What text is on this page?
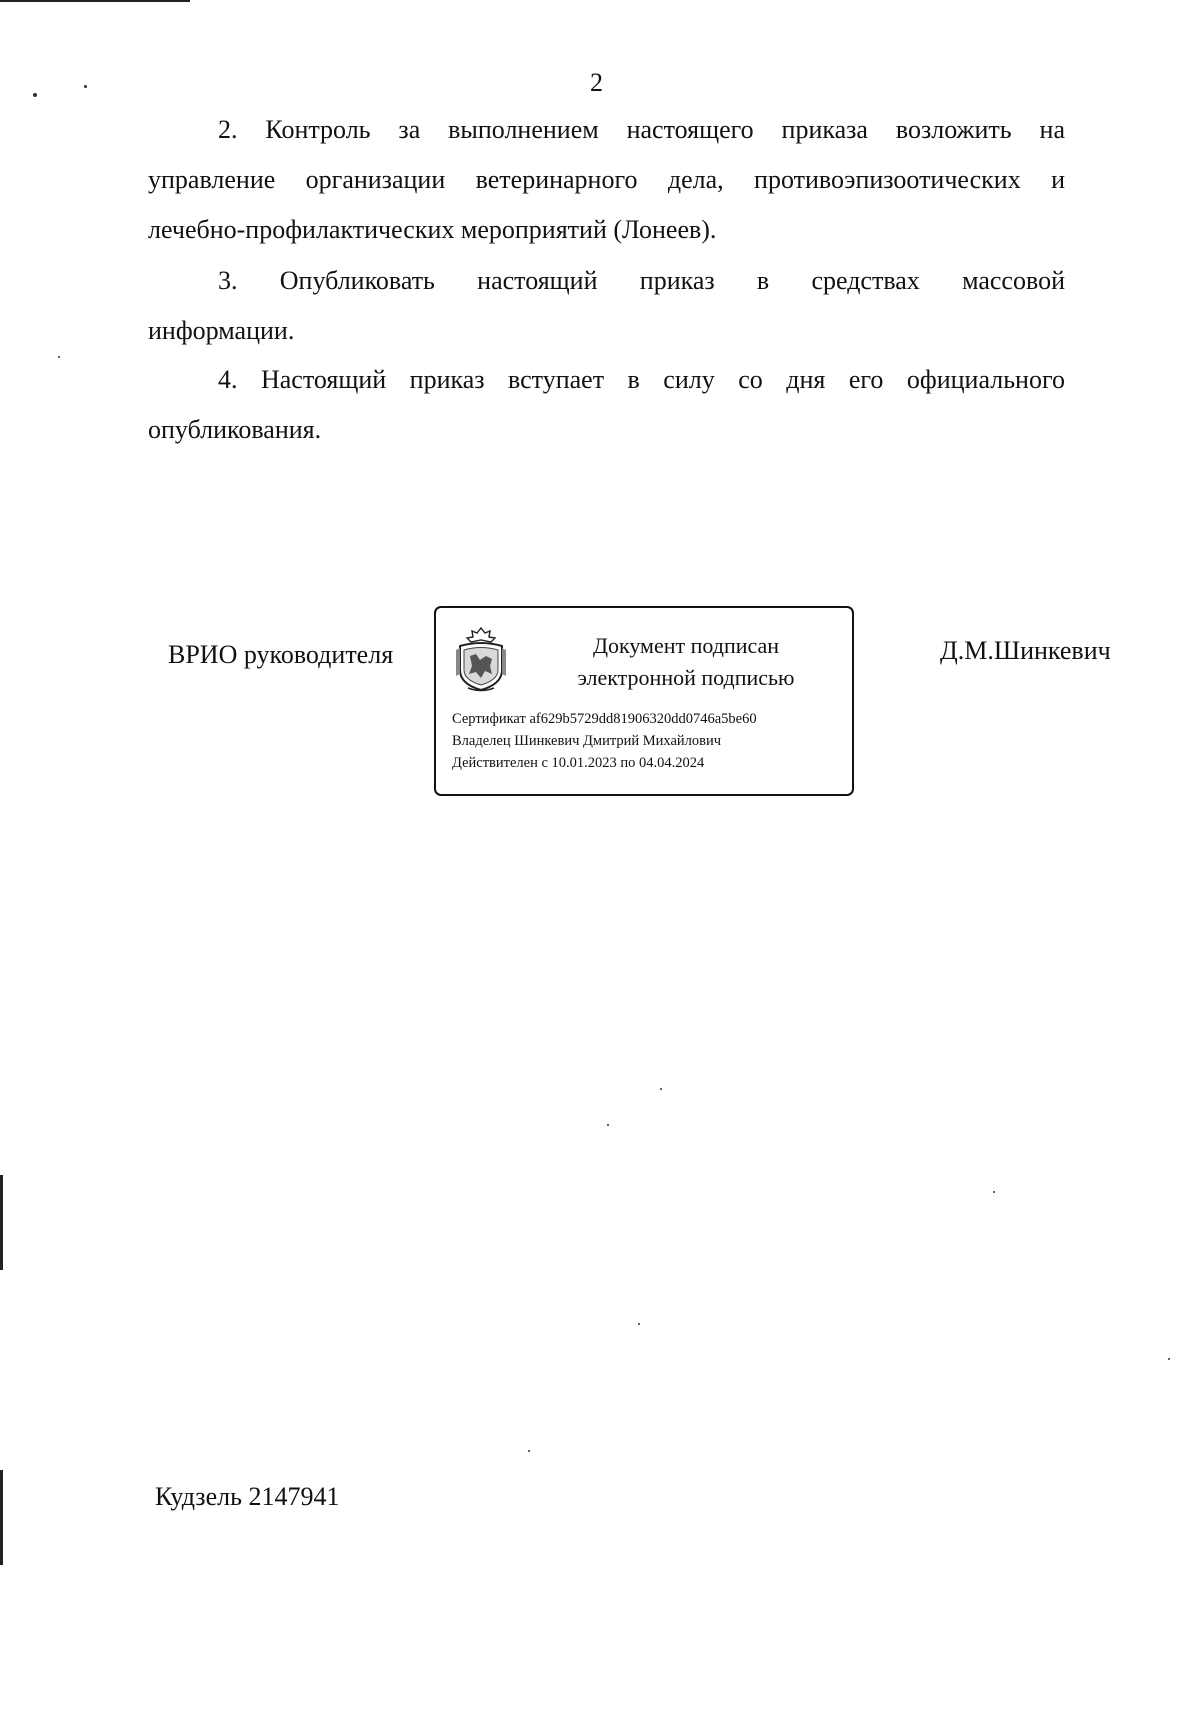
2
2. Контроль за выполнением настоящего приказа возложить на
управление организации ветеринарного дела, противоэпизоотических и
лечебно-профилактических мероприятий (Лонеев).
3. Опубликовать настоящий приказ в средствах массовой
информации.
4. Настоящий приказ вступает в силу со дня его официального
опубликования.
ВРИО руководителя	Документ подписан
электронной подписью
Сертификат af629b5729dd81906320dd0746a5be60
Владелец Шинкевич Дмитрий Михайлович
Действителен с 10.01.2023 по 04.04.2024
Д.М.Шинкевич
Кудзель 2147941
